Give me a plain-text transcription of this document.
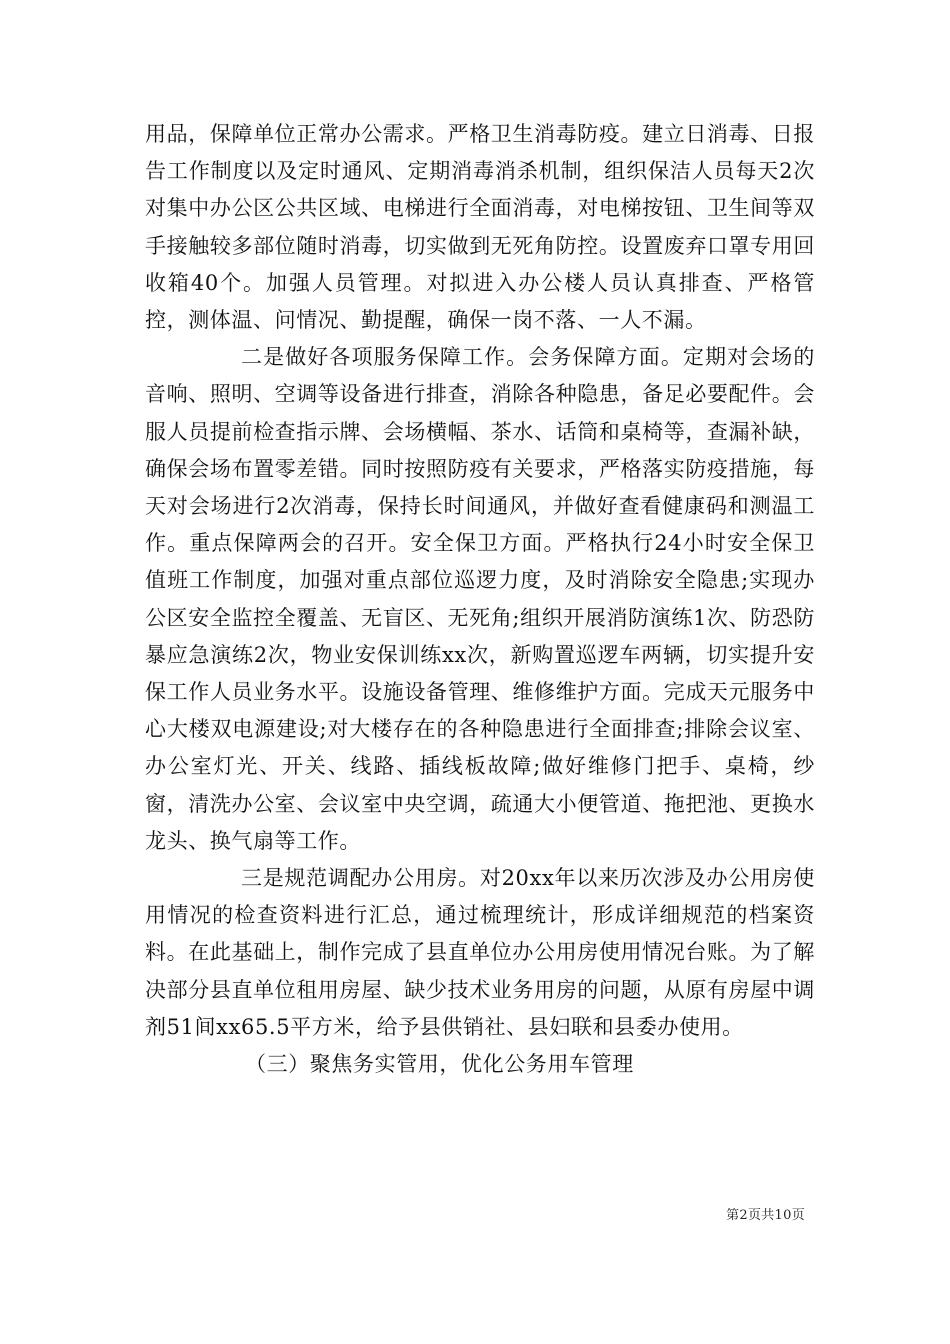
用品，保障单位正常办公需求。严格卫生消毒防疫。建立日消毒、日报告工作制度以及定时通风、定期消毒消杀机制，组织保洁人员每天2次对集中办公区公共区域、电梯进行全面消毒，对电梯按钮、卫生间等双手接触较多部位随时消毒，切实做到无死角防控。设置废弃口罩专用回收箱40个。加强人员管理。对拟进入办公楼人员认真排查、严格管控，测体温、问情况、勤提醒，确保一岗不落、一人不漏。

二是做好各项服务保障工作。会务保障方面。定期对会场的音响、照明、空调等设备进行排查，消除各种隐患，备足必要配件。会服人员提前检查指示牌、会场横幅、茶水、话筒和桌椅等，查漏补缺，确保会场布置零差错。同时按照防疫有关要求，严格落实防疫措施，每天对会场进行2次消毒，保持长时间通风，并做好查看健康码和测温工作。重点保障两会的召开。安全保卫方面。严格执行24小时安全保卫值班工作制度，加强对重点部位巡逻力度，及时消除安全隐患;实现办公区安全监控全覆盖、无盲区、无死角;组织开展消防演练1次、防恐防暴应急演练2次，物业安保训练xx次，新购置巡逻车两辆，切实提升安保工作人员业务水平。设施设备管理、维修维护方面。完成天元服务中心大楼双电源建设;对大楼存在的各种隐患进行全面排查;排除会议室、办公室灯光、开关、线路、插线板故障;做好维修门把手、桌椅，纱窗，清洗办公室、会议室中央空调，疏通大小便管道、拖把池、更换水龙头、换气扇等工作。

三是规范调配办公用房。对20xx年以来历次涉及办公用房使用情况的检查资料进行汇总，通过梳理统计，形成详细规范的档案资料。在此基础上，制作完成了县直单位办公用房使用情况台账。为了解决部分县直单位租用房屋、缺少技术业务用房的问题，从原有房屋中调剂51间xx65.5平方米，给予县供销社、县妇联和县委办使用。

（三）聚焦务实管用，优化公务用车管理

第2页共10页
